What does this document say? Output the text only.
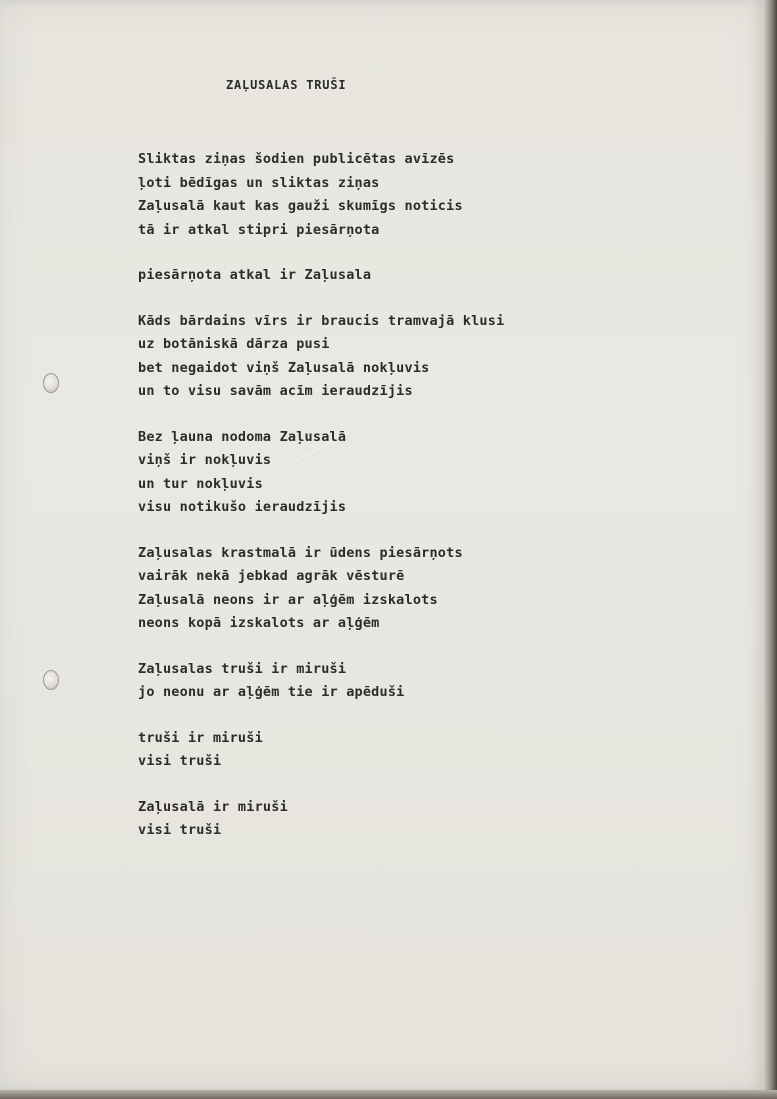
ZAĻUSALAS TRUŠI
Sliktas ziņas šodien publicētas avīzēs
ļoti bēdīgas un sliktas ziņas
Zaļusalā kaut kas gauži skumīgs noticis
tā ir atkal stipri piesārņota
piesārņota atkal ir Zaļusala
Kāds bārdains vīrs ir braucis tramvajā klusi
uz botāniskā dārza pusi
bet negaidot viņš Zaļusalā nokļuvis
un to visu savām acīm ieraudzījis
Bez ļauna nodoma Zaļusalā
viņš ir nokļuvis
un tur nokļuvis
visu notikušo ieraudzījis
Zaļusalas krastmalā ir ūdens piesārņots
vairāk nekā jebkad agrāk vēsturē
Zaļusalā neons ir ar aļģēm izskalots
neons kopā izskalots ar aļģēm
Zaļusalas truši ir miruši
jo neonu ar aļģēm tie ir apēduši
truši ir miruši
visi truši
Zaļusalā ir miruši
visi truši
